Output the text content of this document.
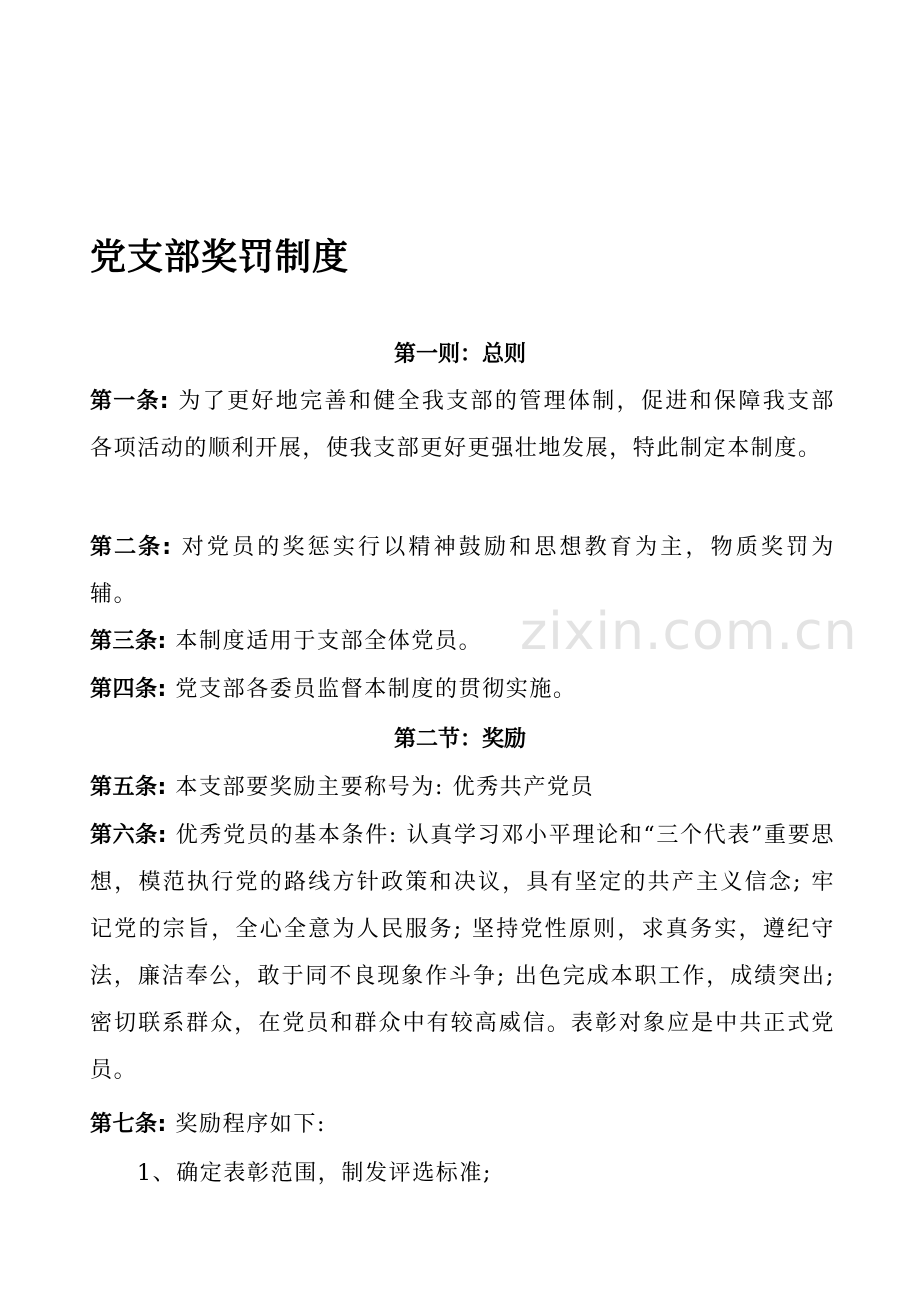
zixin.com.cn
党支部奖罚制度
第一则：总则
第一条: 为了更好地完善和健全我支部的管理体制，促进和保障我支部各项活动的顺利开展，使我支部更好更强壮地发展，特此制定本制度。
第二条: 对党员的奖惩实行以精神鼓励和思想教育为主，物质奖罚为辅。
第三条: 本制度适用于支部全体党员。
第四条: 党支部各委员监督本制度的贯彻实施。
第二节：奖励
第五条: 本支部要奖励主要称号为: 优秀共产党员
第六条: 优秀党员的基本条件: 认真学习邓小平理论和“三个代表”重要思想，模范执行党的路线方针政策和决议，具有坚定的共产主义信念; 牢记党的宗旨，全心全意为人民服务; 坚持党性原则，求真务实，遵纪守法，廉洁奉公，敢于同不良现象作斗争; 出色完成本职工作，成绩突出; 密切联系群众，在党员和群众中有较高威信。表彰对象应是中共正式党员。
第七条: 奖励程序如下:
1、确定表彰范围，制发评选标准;
